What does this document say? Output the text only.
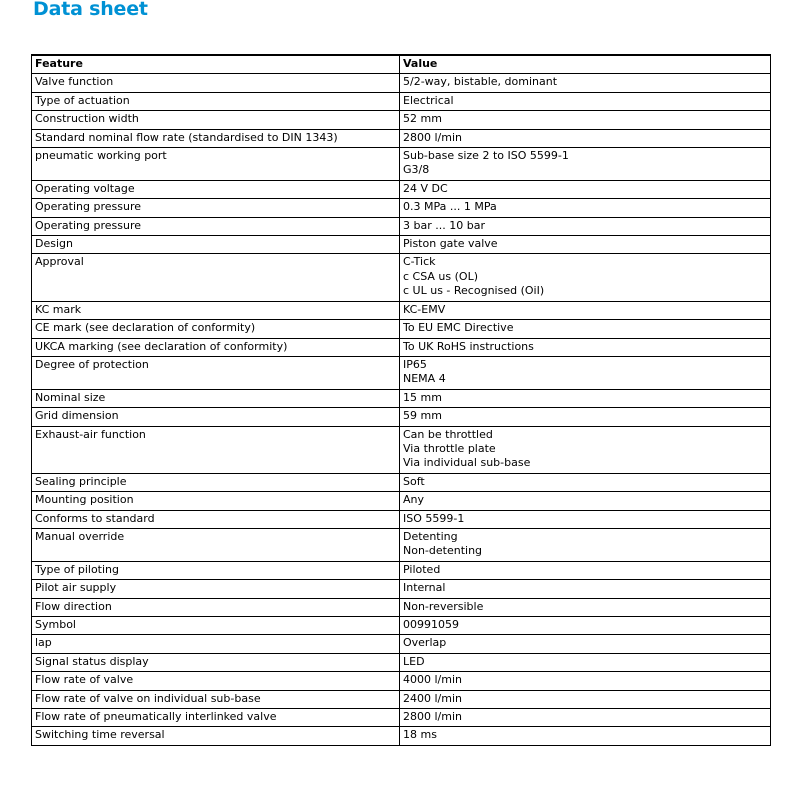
Data sheet
Feature	Value
Valve function	5/2-way, bistable, dominant

Type of actuation	Electrical

Construction width	52 mm

Standard nominal flow rate (standardised to DIN 1343)	2800 l/min

pneumatic working port	Sub-base size 2 to ISO 5599-1
G3/8

Operating voltage	24 V DC

Operating pressure	0.3 MPa ... 1 MPa

Operating pressure	3 bar ... 10 bar

Design	Piston gate valve

Approval	C-Tick
c CSA us (OL)
c UL us - Recognised (OiI)

KC mark	KC-EMV

CE mark (see declaration of conformity)	To EU EMC Directive

UKCA marking (see declaration of conformity)	To UK RoHS instructions

Degree of protection	IP65
NEMA 4

Nominal size	15 mm

Grid dimension	59 mm

Exhaust-air function	Can be throttled
Via throttle plate
Via individual sub-base

Sealing principle	Soft

Mounting position	Any

Conforms to standard	ISO 5599-1

Manual override	Detenting
Non-detenting

Type of piloting	Piloted

Pilot air supply	Internal

Flow direction	Non-reversible

Symbol	00991059

lap	Overlap

Signal status display	LED

Flow rate of valve	4000 l/min

Flow rate of valve on individual sub-base	2400 l/min

Flow rate of pneumatically interlinked valve	2800 l/min

Switching time reversal	18 ms
